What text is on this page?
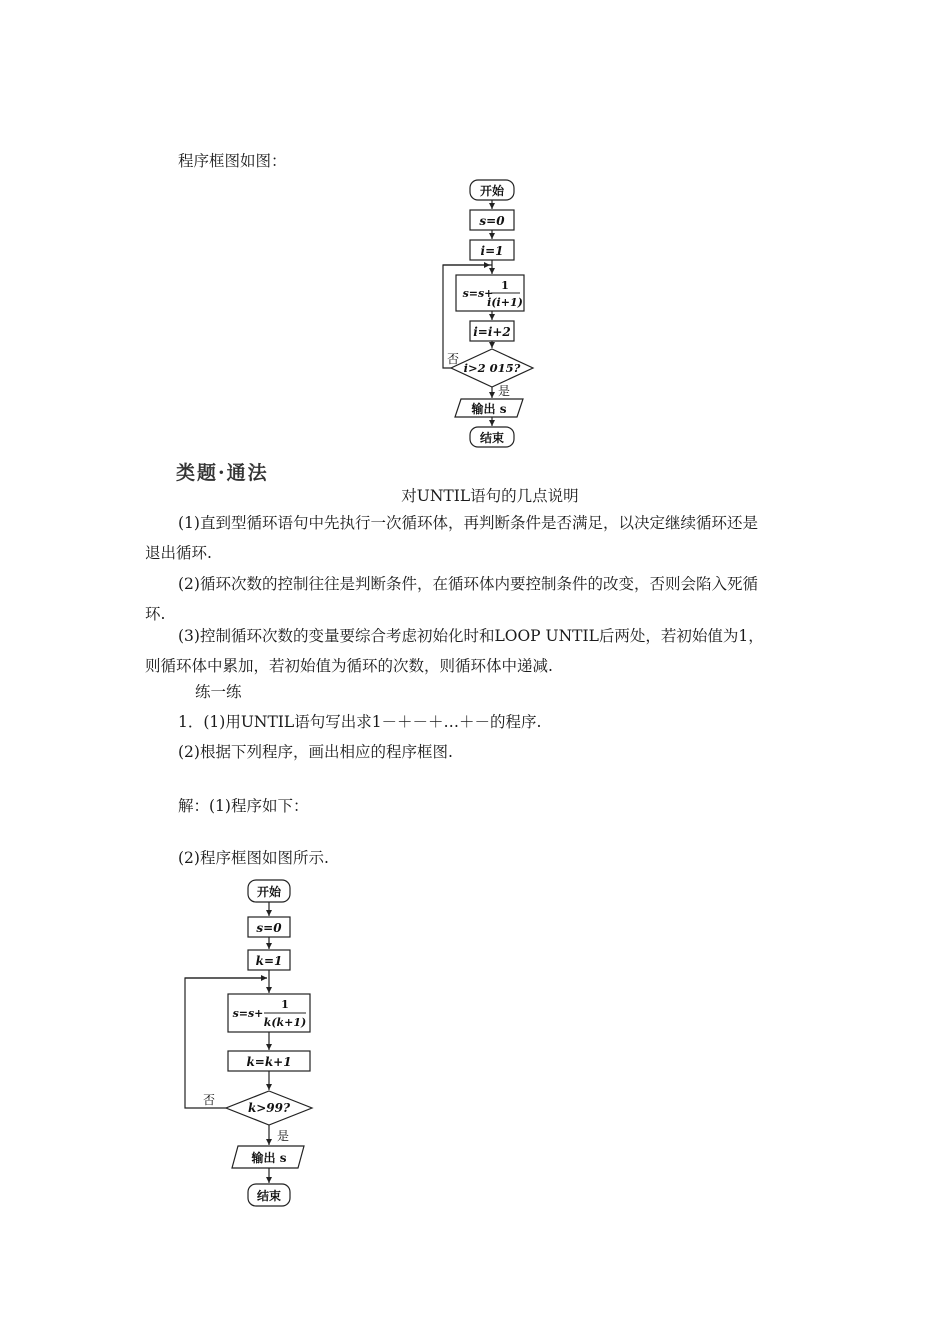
程序框图如图：
开始
s=0
i=1
s=s+
1
i(i+1)
i=i+2
i>2 015?
否
是
输出 s
结束
类题·通法
对UNTIL语句的几点说明
(1)直到型循环语句中先执行一次循环体，再判断条件是否满足，以决定继续循环还是
退出循环.
(2)循环次数的控制往往是判断条件，在循环体内要控制条件的改变，否则会陷入死循
环.
(3)控制循环次数的变量要综合考虑初始化时和LOOP UNTIL后两处，若初始值为1，
则循环体中累加，若初始值为循环的次数，则循环体中递减.
练一练
1．(1)用UNTIL语句写出求1－＋－＋…＋－的程序.
(2)根据下列程序，画出相应的程序框图.
解：(1)程序如下：
(2)程序框图如图所示.
开始
s=0
k=1
s=s+
1
k(k+1)
k=k+1
k>99?
否
是
输出 s
结束
